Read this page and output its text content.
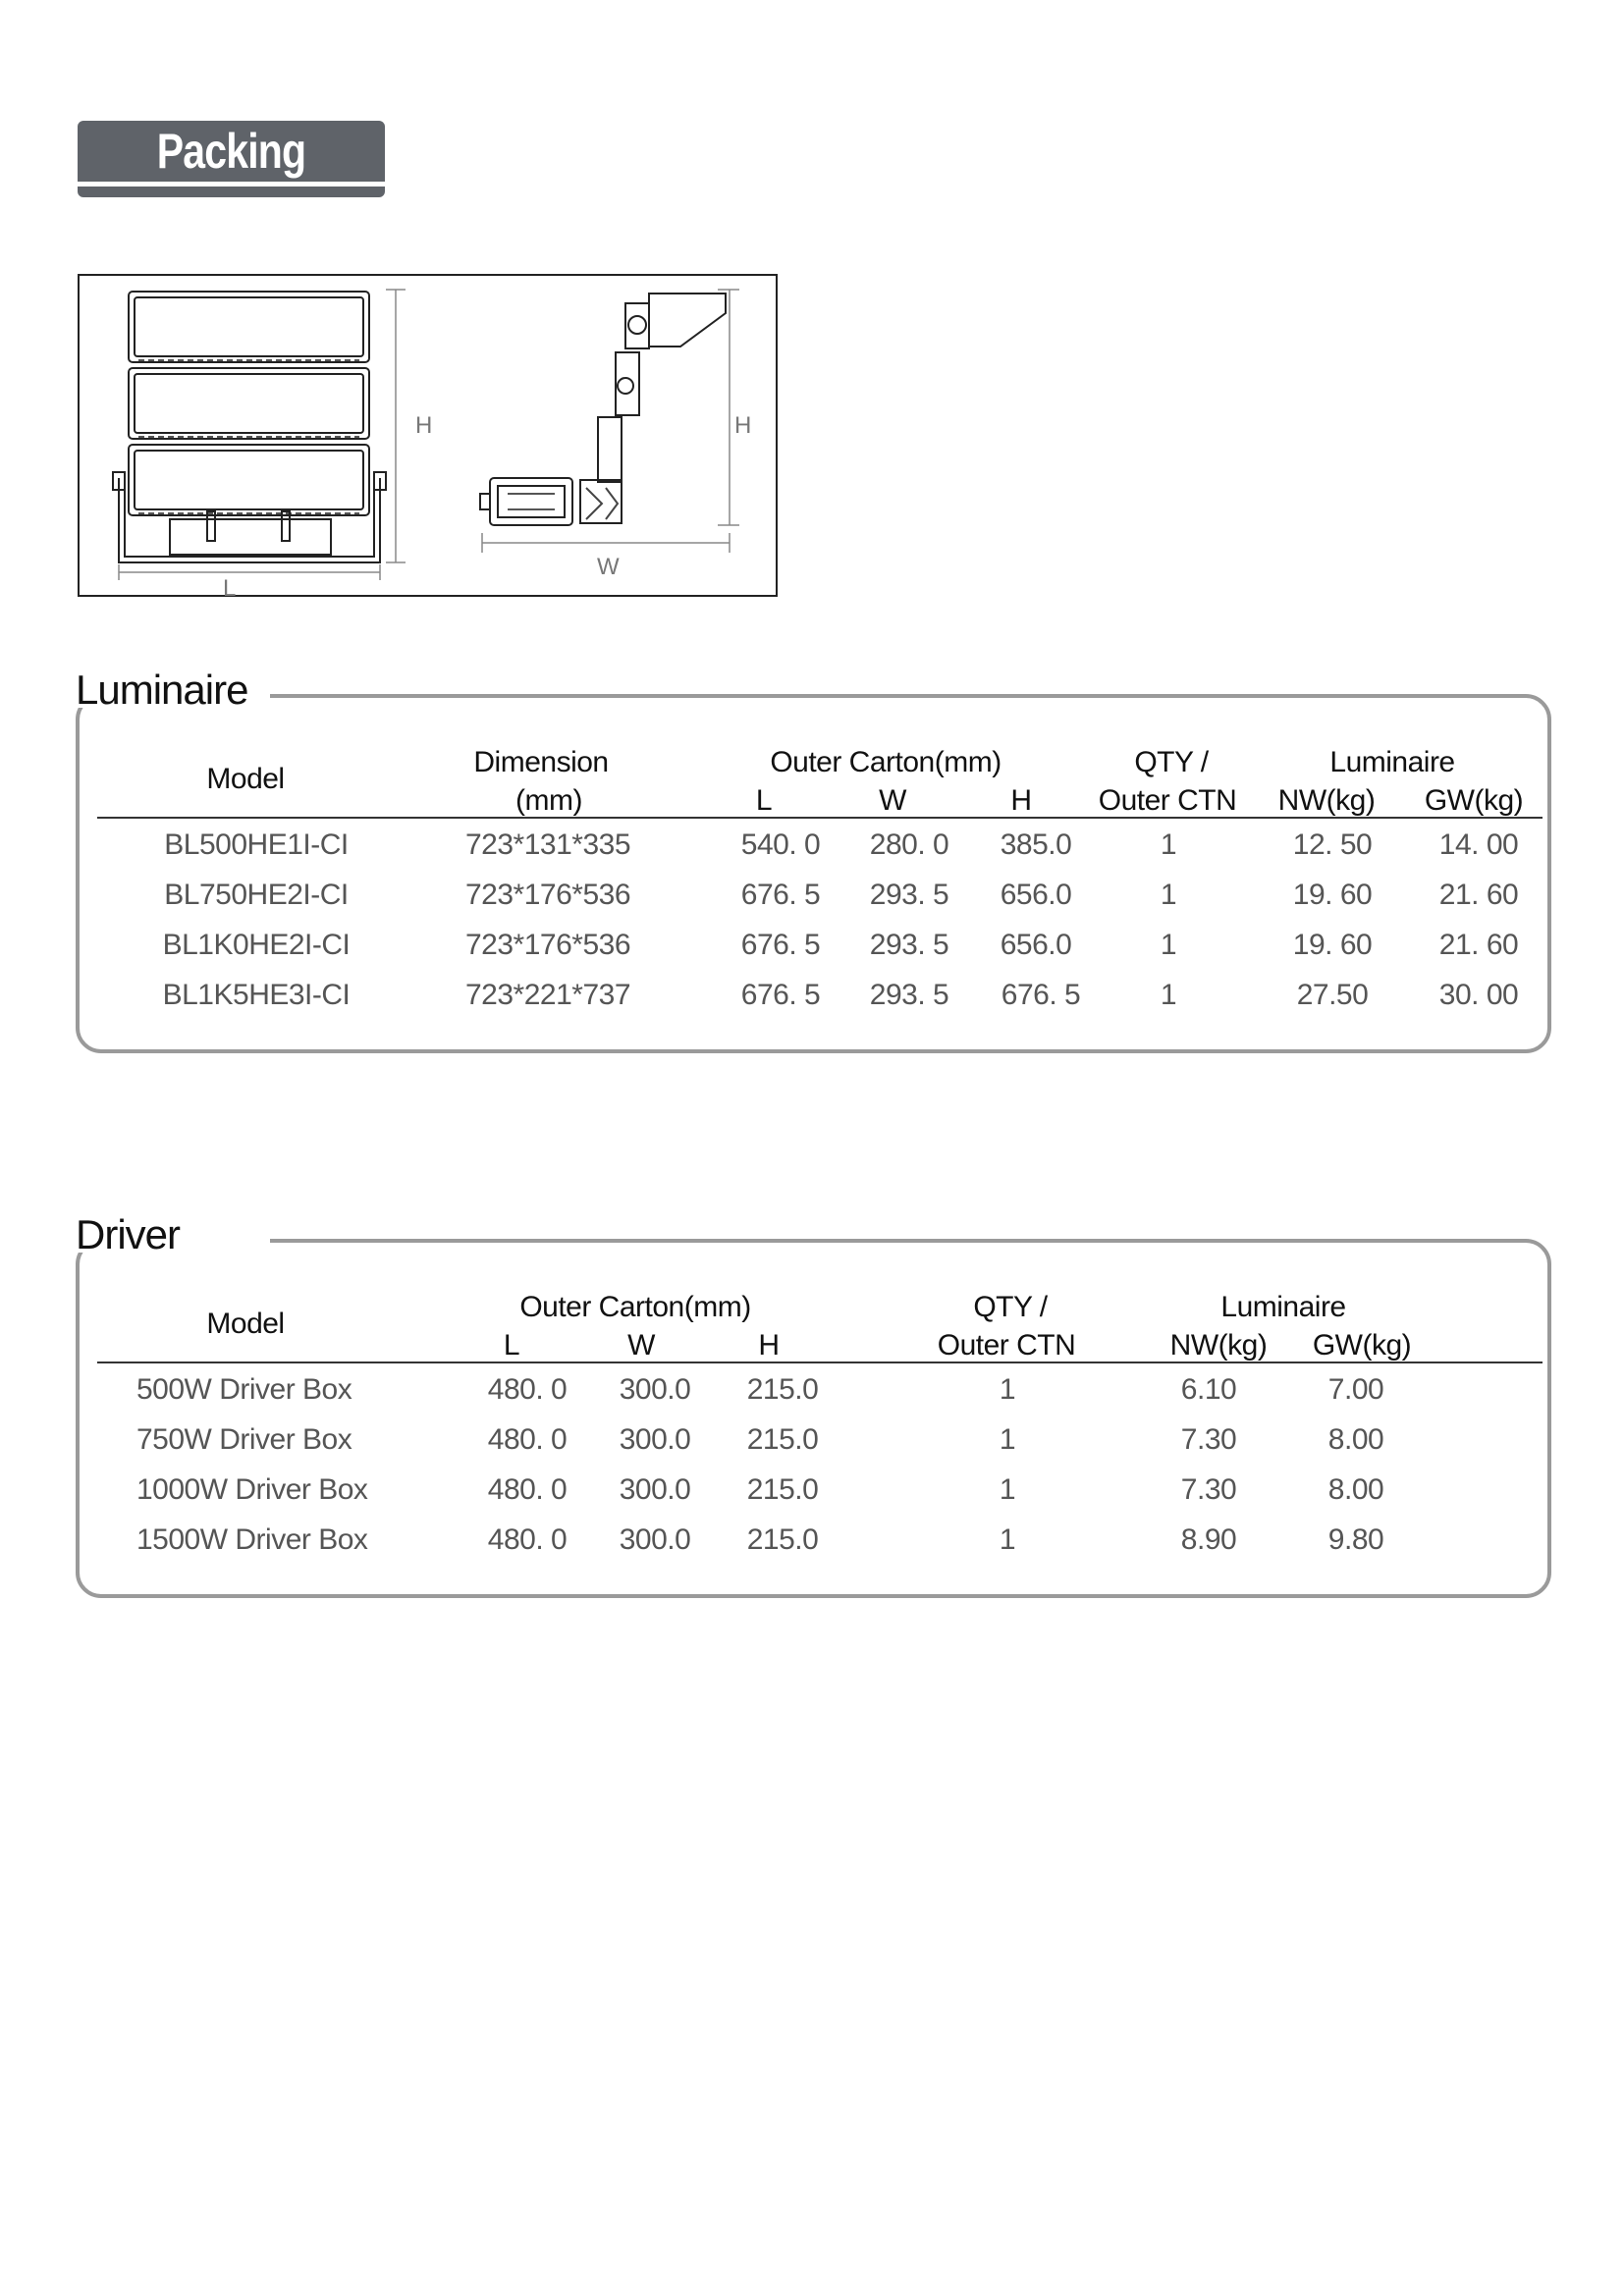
Packing
H
L
H
W
Model
Dimension
(mm)
Outer Carton(mm)
L	W	H
QTY /
Outer CTN
Luminaire
NW(kg) GW(kg)
BL500HE1I-CI	723*131*335	540. 0 280. 0 385.0	1	12. 50 14. 00
BL750HE2I-CI	723*176*536	676. 5 293. 5 656.0	1	19. 60 21. 60
BL1K0HE2I-CI	723*176*536	676. 5 293. 5 656.0	1	19. 60 21. 60
BL1K5HE3I-CI	723*221*737	676. 5 293. 5 676. 5	1	27.50 30. 00
Luminaire
Model
Outer Carton(mm)
L	W	H
QTY /
Outer CTN
Luminaire
NW(kg) GW(kg)
500W Driver Box	480. 0 300.0 215.0	1	6.10	7.00
750W Driver Box	480. 0 300.0 215.0	1	7.30	8.00
1000W Driver Box	480. 0 300.0 215.0	1	7.30	8.00
1500W Driver Box	480. 0 300.0 215.0	1	8.90	9.80
Driver
